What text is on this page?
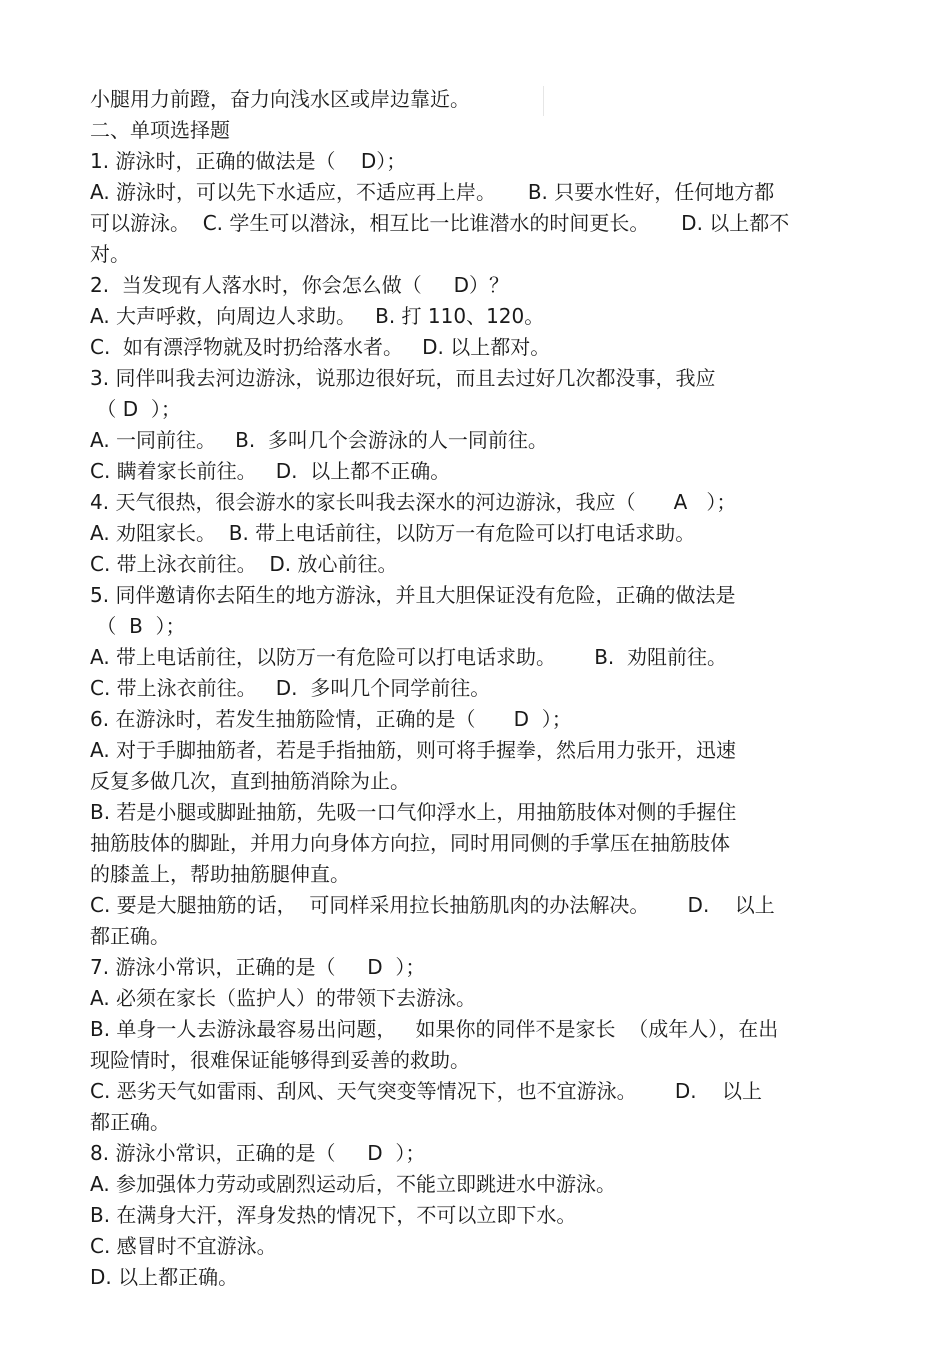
小腿用力前蹬，奋力向浅水区或岸边靠近。
二、单项选择题
1. 游泳时，正确的做法是（    D）；
A. 游泳时，可以先下水适应，不适应再上岸。     B. 只要水性好，任何地方都
可以游泳。  C. 学生可以潜泳，相互比一比谁潜水的时间更长。     D. 以上都不
对。
2.  当发现有人落水时，你会怎么做（     D）？
A. 大声呼救，向周边人求助。   B. 打 110、120。
C.  如有漂浮物就及时扔给落水者。   D. 以上都对。
3. 同伴叫我去河边游泳，说那边很好玩，而且去过好几次都没事，我应
（ D  ）；
A. 一同前往。   B.  多叫几个会游泳的人一同前往。
C. 瞒着家长前往。   D.  以上都不正确。
4. 天气很热，很会游水的家长叫我去深水的河边游泳，我应（      A   ）；
A. 劝阻家长。  B. 带上电话前往，以防万一有危险可以打电话求助。
C. 带上泳衣前往。  D. 放心前往。
5. 同伴邀请你去陌生的地方游泳，并且大胆保证没有危险，正确的做法是
（  B  ）；
A. 带上电话前往，以防万一有危险可以打电话求助。      B.  劝阻前往。
C. 带上泳衣前往。   D.  多叫几个同学前往。
6. 在游泳时，若发生抽筋险情，正确的是（      D  ）；
A. 对于手脚抽筋者，若是手指抽筋，则可将手握拳，然后用力张开，迅速
反复多做几次，直到抽筋消除为止。
B. 若是小腿或脚趾抽筋，先吸一口气仰浮水上，用抽筋肢体对侧的手握住
抽筋肢体的脚趾，并用力向身体方向拉，同时用同侧的手掌压在抽筋肢体
的膝盖上，帮助抽筋腿伸直。
C. 要是大腿抽筋的话，  可同样采用拉长抽筋肌肉的办法解决。      D.    以上
都正确。
7. 游泳小常识，正确的是（     D  ）；
A. 必须在家长（监护人）的带领下去游泳。
B. 单身一人去游泳最容易出问题，   如果你的同伴不是家长  （成年人），在出
现险情时，很难保证能够得到妥善的救助。
C. 恶劣天气如雷雨、刮风、天气突变等情况下，也不宜游泳。      D.    以上
都正确。
8. 游泳小常识，正确的是（     D  ）；
A. 参加强体力劳动或剧烈运动后，不能立即跳进水中游泳。
B. 在满身大汗，浑身发热的情况下，不可以立即下水。
C. 感冒时不宜游泳。
D. 以上都正确。
